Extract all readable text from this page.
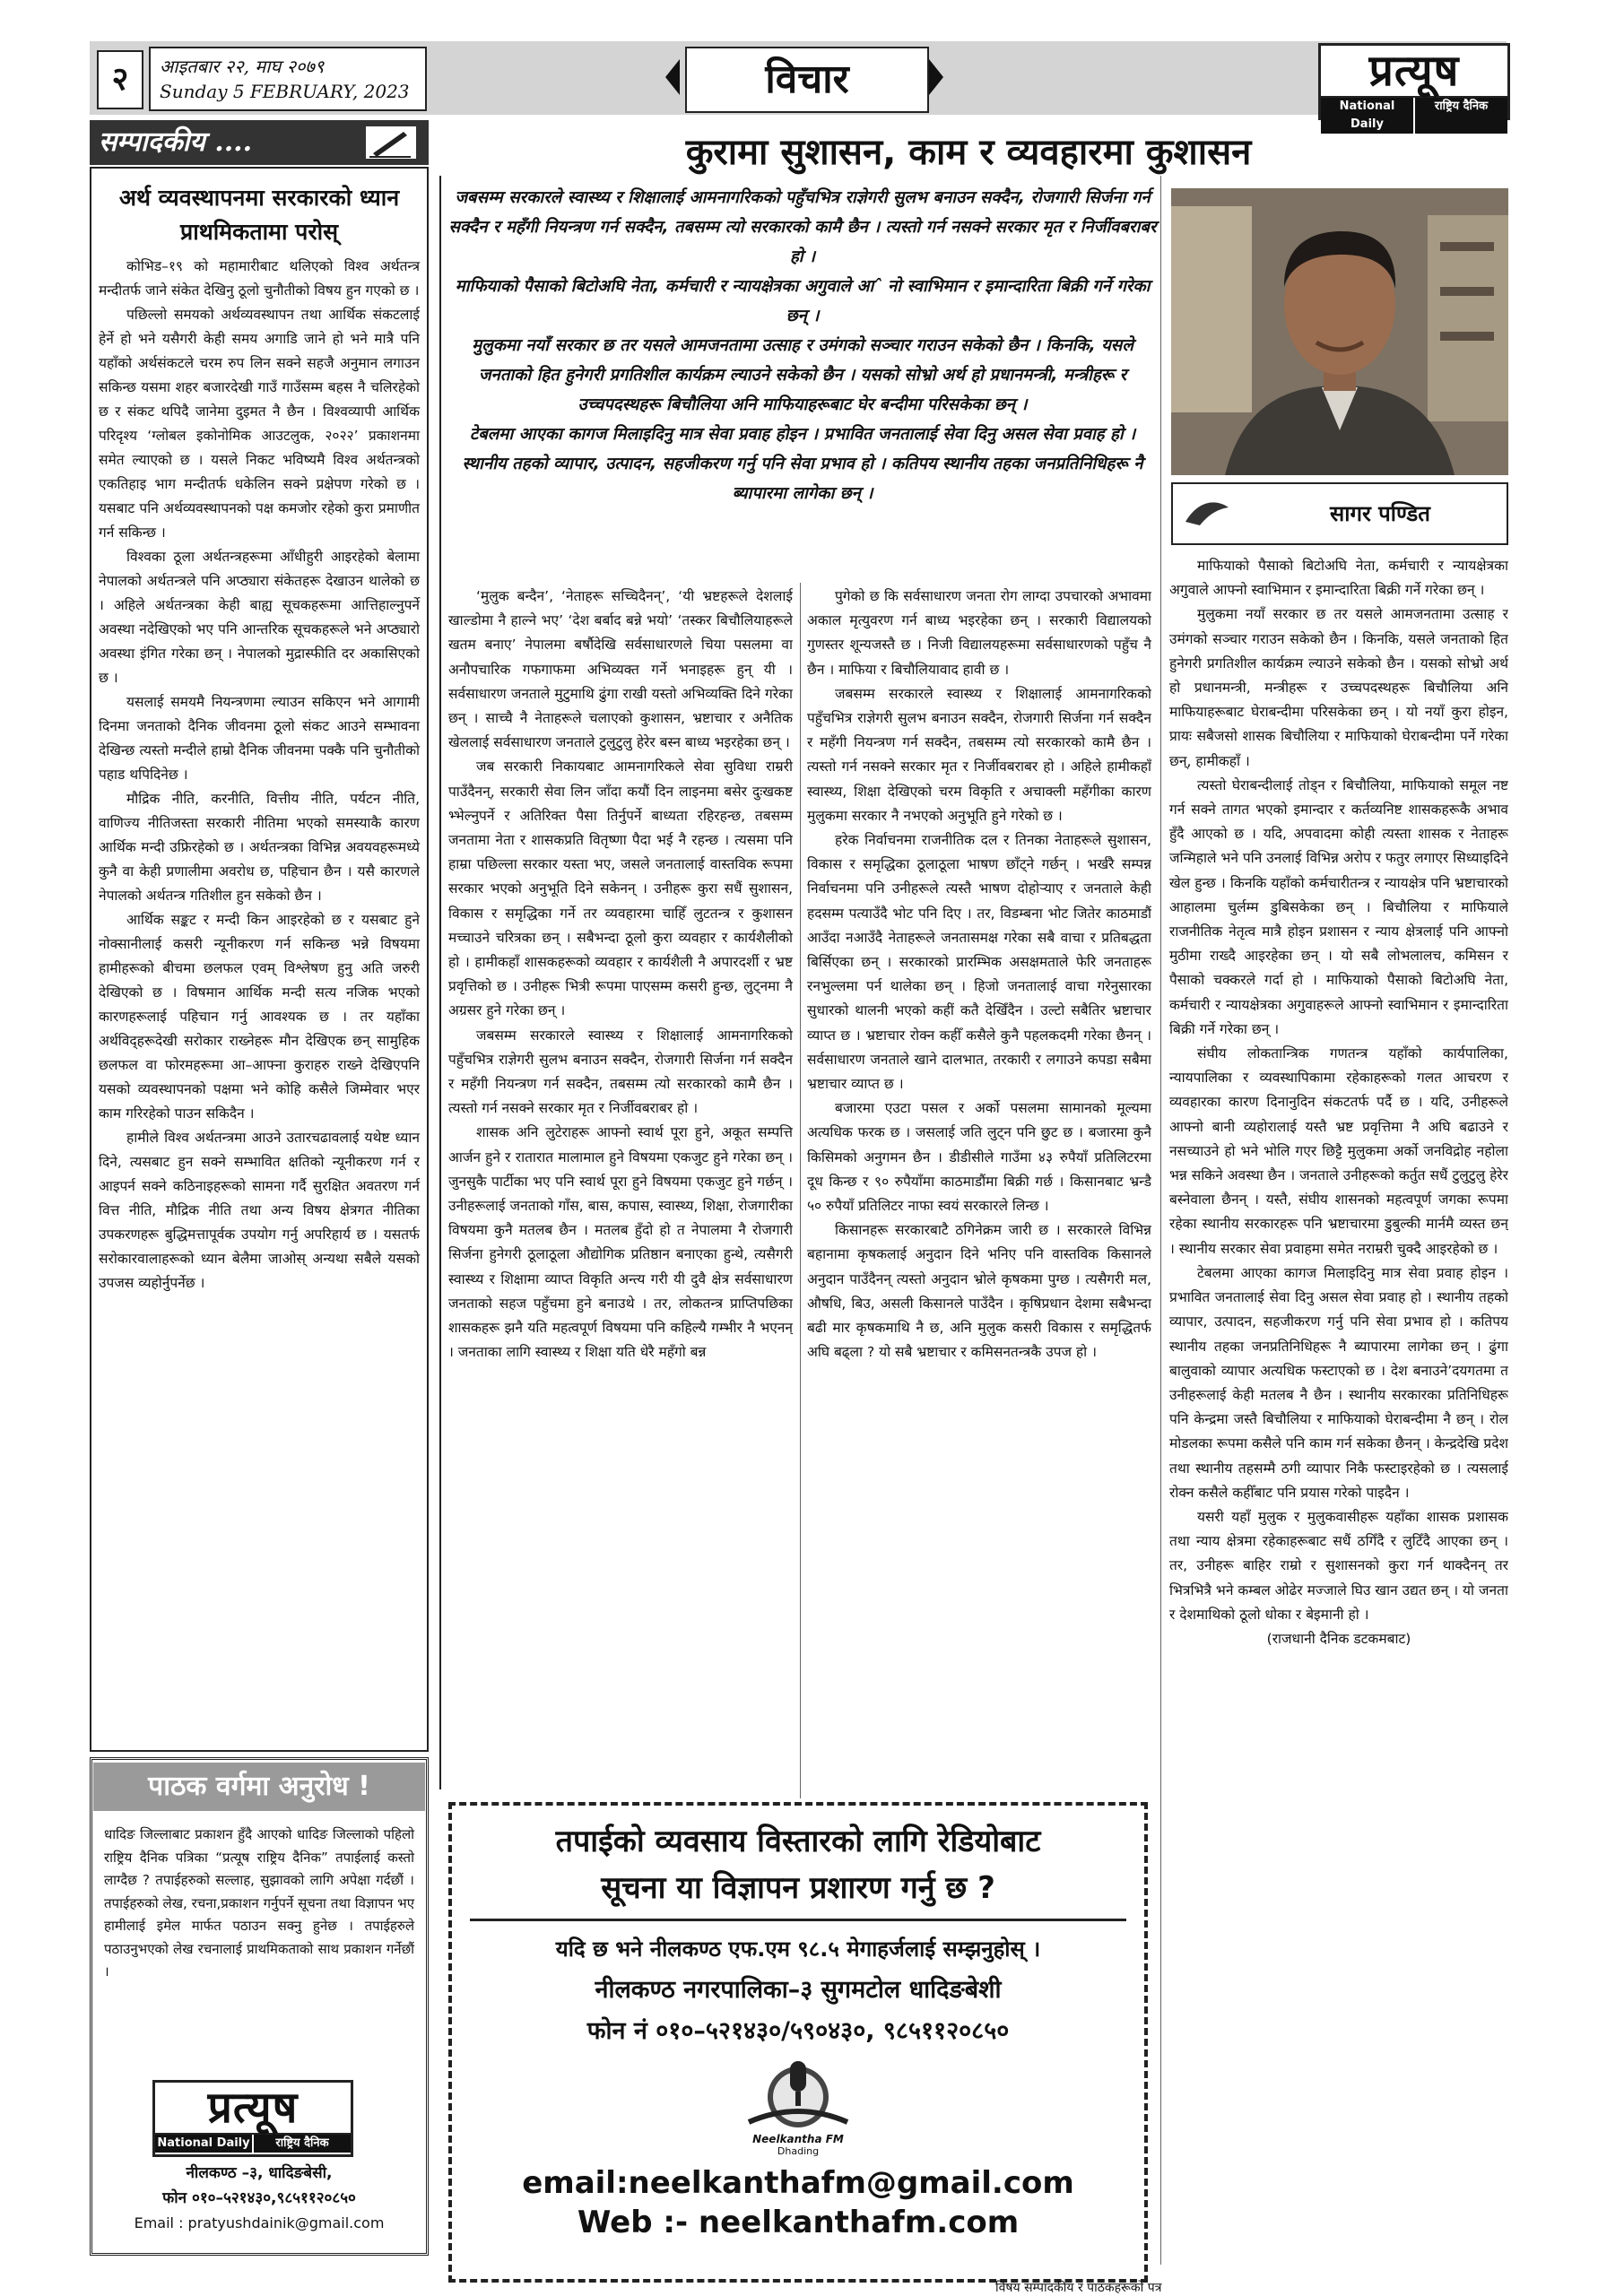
२	आइतबार २२, माघ २०७९
Sunday 5 FEBRUARY, 2023	विचार	प्रत्यूष
National Daily
राष्ट्रिय दैनिक
सम्पादकीय ....
अर्थ व्यवस्थापनमा सरकारको ध्यान प्राथमिकतामा परोस्

कोभिड–१९ को महामारीबाट थलिएको विश्व अर्थतन्त्र मन्दीतर्फ जाने संकेत देखिनु ठूलो चुनौतीको विषय हुन गएको छ ।

पछिल्लो समयको अर्थव्यवस्थापन तथा आर्थिक संकटलाई हेर्ने हो भने यसैगरी केही समय अगाडि जाने हो भने मात्रै पनि यहाँको अर्थसंकटले चरम रुप लिन सक्ने सहजै अनुमान लगाउन सकिन्छ यसमा शहर बजारदेखी गाउँ गाउँसम्म बहस नै चलिरहेको छ र संकट थपिदै जानेमा दुइमत नै छैन । विश्वव्यापी आर्थिक परिदृश्य ‘ग्लोबल इकोनोमिक आउटलुक, २०२२’ प्रकाशनमा समेत ल्याएको छ । यसले निकट भविष्यमै विश्व अर्थतन्त्रको एकतिहाइ भाग मन्दीतर्फ धकेलिन सक्ने प्रक्षेपण गरेको छ । यसबाट पनि अर्थव्यवस्थापनको पक्ष कमजोर रहेको कुरा प्रमाणीत गर्न सकिन्छ ।

विश्वका ठूला अर्थतन्त्रहरूमा आँधीहुरी आइरहेको बेलामा नेपालको अर्थतन्त्रले पनि अप्ठ्यारा संकेतहरू देखाउन थालेको छ । अहिले अर्थतन्त्रका केही बाह्य सूचकहरूमा आत्तिहाल्नुपर्ने अवस्था नदेखिएको भए पनि आन्तरिक सूचकहरूले भने अप्ठ्यारो अवस्था इंगित गरेका छन् । नेपालको मुद्रास्फीति दर अकासिएको छ ।

यसलाई समयमै नियन्त्रणमा ल्याउन सकिएन भने आगामी दिनमा जनताको दैनिक जीवनमा ठूलो संकट आउने सम्भावना देखिन्छ त्यस्तो मन्दीले हाम्रो दैनिक जीवनमा पक्कै पनि चुनौतीको पहाड थपिदिनेछ ।

मौद्रिक नीति, करनीति, वित्तीय नीति, पर्यटन नीति, वाणिज्य नीतिजस्ता सरकारी नीतिमा भएको समस्याकै कारण आर्थिक मन्दी उफ्रिरहेको छ । अर्थतन्त्रका विभिन्न अवयवहरूमध्ये कुनै वा केही प्रणालीमा अवरोध छ, पहिचान छैन । यसै कारणले नेपालको अर्थतन्त्र गतिशील हुन सकेको छैन ।

आर्थिक सङ्कट र मन्दी किन आइरहेको छ र यसबाट हुने नोक्सानीलाई कसरी न्यूनीकरण गर्न सकिन्छ भन्ने विषयमा हामीहरूको बीचमा छलफल एवम् विश्लेषण हुनु अति जरुरी देखिएको छ । विषमान आर्थिक मन्दी सत्य नजिक भएको कारणहरूलाई पहिचान गर्नु आवश्यक छ । तर यहाँका अर्थविद्हरूदेखी सरोकार राख्नेहरू मौन देखिएक छन् सामुहिक छलफल वा फोरमहरूमा आ–आफ्ना कुराहरु राख्ने देखिएपनि यसको व्यवस्थापनको पक्षमा भने कोहि कसैले जिम्मेवार भएर काम गरिरहेको पाउन सकिदैन ।

हामीले विश्व अर्थतन्त्रमा आउने उतारचढावलाई यथेष्ट ध्यान दिने, त्यसबाट हुन सक्ने सम्भावित क्षतिको न्यूनीकरण गर्न र आइपर्न सक्ने कठिनाइहरूको सामना गर्दै सुरक्षित अवतरण गर्न वित्त नीति, मौद्रिक नीति तथा अन्य विषय क्षेत्रगत नीतिका उपकरणहरू बुद्धिमत्तापूर्वक उपयोग गर्नु अपरिहार्य छ । यसतर्फ सरोकारवालाहरूको ध्यान बेलैमा जाओस् अन्यथा सबैले यसको उपजस व्यहोर्नुपर्नेछ ।

कुरामा सुशासन, काम र व्यवहारमा कुशासन

जबसम्म सरकारले स्वास्थ्य र शिक्षालाई आमनागरिकको पहुँचभित्र राज्ञेगरी सुलभ बनाउन सक्दैन, रोजगारी सिर्जना गर्न सक्दैन र महँगी नियन्त्रण गर्न सक्दैन, तबसम्म त्यो सरकारको कामै छैन । त्यस्तो गर्न नसक्ने सरकार मृत र निर्जीवबराबर हो ।

माफियाको पैसाको बिटोअघि नेता, कर्मचारी र न्यायक्षेत्रका अगुवाले आˆ नो स्वाभिमान र इमान्दारिता बिक्री गर्ने गरेका छन् ।

मुलुकमा नयाँ सरकार छ तर यसले आमजनतामा उत्साह र उमंगको सञ्चार गराउन सकेको छैन । किनकि, यसले जनताको हित हुनेगरी प्रगतिशील कार्यक्रम ल्याउने सकेको छैन । यसको सोभ्रो अर्थ हो प्रधानमन्त्री, मन्त्रीहरू र उच्चपदस्थहरू बिचौलिया अनि माफियाहरूबाट घेर बन्दीमा परिसकेका छन् ।

टेबलमा आएका कागज मिलाइदिनु मात्र सेवा प्रवाह होइन । प्रभावित जनतालाई सेवा दिनु असल सेवा प्रवाह हो । स्थानीय तहको व्यापार, उत्पादन, सहजीकरण गर्नु पनि सेवा प्रभाव हो । कतिपय स्थानीय तहका जनप्रतिनिधिहरू नै ब्यापारमा लागेका छन् ।

सागर पण्डित

‘मुलुक बन्दैन’, ‘नेताहरू सच्चिदैनन्’, ‘यी भ्रष्टहरूले देशलाई खाल्डोमा नै हाल्ने भए’ ‘देश बर्बाद बन्ने भयो’ ‘तस्कर बिचौलियाहरूले खतम बनाए’ नेपालमा बर्षौदेखि सर्वसाधारणले चिया पसलमा वा अनौपचारिक गफगाफमा अभिव्यक्त गर्ने भनाइहरू हुन् यी । सर्वसाधारण जनताले मुटुमाथि ढुंगा राखी यस्तो अभिव्यक्ति दिने गरेका छन् । साच्चै नै नेताहरूले चलाएको कुशासन, भ्रष्टाचार र अनैतिक खेललाई सर्वसाधारण जनताले टुलुटुलु हेरेर बस्न बाध्य भइरहेका छन् ।

जब सरकारी निकायबाट आमनागरिकले सेवा सुविधा राम्ररी पाउँदैनन्, सरकारी सेवा लिन जाँदा कयौं दिन लाइनमा बसेर दुःखकष्ट भ्भेल्नुपर्ने र अतिरिक्त पैसा तिर्नुपर्ने बाध्यता रहिरहन्छ, तबसम्म जनतामा नेता र शासकप्रति वितृष्णा पैदा भई नै रहन्छ । त्यसमा पनि हाम्रा पछिल्ला सरकार यस्ता भए, जसले जनतालाई वास्तविक रूपमा सरकार भएको अनुभूति दिने सकेनन् । उनीहरू कुरा सधैं सुशासन, विकास र समृद्धिका गर्ने तर व्यवहारमा चाहिँ लुटतन्त्र र कुशासन मच्चाउने चरित्रका छन् । सबैभन्दा ठूलो कुरा व्यवहार र कार्यशैलीको हो । हामीकहाँ शासकहरूको व्यवहार र कार्यशैली नै अपारदर्शी र भ्रष्ट प्रवृत्तिको छ । उनीहरू भित्री रूपमा पाएसम्म कसरी हुन्छ, लुट्नमा नै अग्रसर हुने गरेका छन् ।

जबसम्म सरकारले स्वास्थ्य र शिक्षालाई आमनागरिकको पहुँचभित्र राज्ञेगरी सुलभ बनाउन सक्दैन, रोजगारी सिर्जना गर्न सक्दैन र महँगी नियन्त्रण गर्न सक्दैन, तबसम्म त्यो सरकारको कामै छैन । त्यस्तो गर्न नसक्ने सरकार मृत र निर्जीवबराबर हो ।

शासक अनि लुटेराहरू आफ्नो स्वार्थ पूरा हुने, अकूत सम्पत्ति आर्जन हुने र रातारात मालामाल हुने विषयमा एकजुट हुने गरेका छन् । जुनसुकै पार्टीका भए पनि स्वार्थ पूरा हुने विषयमा एकजुट हुने गर्छन् । उनीहरूलाई जनताको गाँस, बास, कपास, स्वास्थ्य, शिक्षा, रोजगारीका विषयमा कुनै मतलब छैन । मतलब हुँदो हो त नेपालमा नै रोजगारी सिर्जना हुनेगरी ठूलाठूला औद्योगिक प्रतिष्ठान बनाएका हुन्थे, त्यसैगरी स्वास्थ्य र शिक्षामा व्याप्त विकृति अन्त्य गरी यी दुवै क्षेत्र सर्वसाधारण जनताको सहज पहुँचमा हुने बनाउथे । तर, लोकतन्त्र प्राप्तिपछिका शासकहरू झनै यति महत्वपूर्ण विषयमा पनि कहिल्यै गम्भीर नै भएनन् । जनताका लागि स्वास्थ्य र शिक्षा यति धेरै महँगो बन्न

पुगेको छ कि सर्वसाधारण जनता रोग लाग्दा उपचारको अभावमा अकाल मृत्युवरण गर्न बाध्य भइरहेका छन् । सरकारी विद्यालयको गुणस्तर शून्यजस्तै छ । निजी विद्यालयहरूमा सर्वसाधारणको पहुँच नै छैन । माफिया र बिचौलियावाद हावी छ ।

जबसम्म सरकारले स्वास्थ्य र शिक्षालाई आमनागरिकको पहुँचभित्र राज्ञेगरी सुलभ बनाउन सक्दैन, रोजगारी सिर्जना गर्न सक्दैन र महँगी नियन्त्रण गर्न सक्दैन, तबसम्म त्यो सरकारको कामै छैन । त्यस्तो गर्न नसक्ने सरकार मृत र निर्जीवबराबर हो । अहिले हामीकहाँ स्वास्थ्य, शिक्षा देखिएको चरम विकृति र अचाक्ली महँगीका कारण मुलुकमा सरकार नै नभएको अनुभूति हुने गरेको छ ।

हरेक निर्वाचनमा राजनीतिक दल र तिनका नेताहरूले सुशासन, विकास र समृद्धिका ठूलाठूला भाषण छाँट्ने गर्छन् । भर्खरै सम्पन्न निर्वाचनमा पनि उनीहरूले त्यस्तै भाषण दोहोऱ्याए र जनताले केही हदसम्म पत्याउँदै भोट पनि दिए । तर, विडम्बना भोट जितेर काठमाडौं आउँदा नआउँदै नेताहरूले जनतासमक्ष गरेका सबै वाचा र प्रतिबद्धता बिर्सिएका छन् । सरकारको प्रारम्भिक असक्षमताले फेरि जनताहरू रनभुल्लमा पर्न थालेका छन् । हिजो जनतालाई वाचा गरेनुसारका सुधारको थालनी भएको कहीं कतै देखिँदैन । उल्टो सबैतिर भ्रष्टाचार व्याप्त छ । भ्रष्टाचार रोक्न कहीँ कसैले कुनै पहलकदमी गरेका छैनन् । सर्वसाधारण जनताले खाने दालभात, तरकारी र लगाउने कपडा सबैमा भ्रष्टाचार व्याप्त छ ।

बजारमा एउटा पसल र अर्को पसलमा सामानको मूल्यमा अत्यधिक फरक छ । जसलाई जति लुट्न पनि छुट छ । बजारमा कुनै किसिमको अनुगमन छैन । डीडीसीले गाउँमा ४३ रुपैयाँ प्रतिलिटरमा दूध किन्छ र ९० रुपैयाँमा काठमाडौंमा बिक्री गर्छ । किसानबाट भ्रन्डै ५० रुपैयाँ प्रतिलिटर नाफा स्वयं सरकारले लिन्छ ।

किसानहरू सरकारबाटै ठगिनेक्रम जारी छ । सरकारले विभिन्न बहानामा कृषकलाई अनुदान दिने भनिए पनि वास्तविक किसानले अनुदान पाउँदैनन् त्यस्तो अनुदान भ्रोले कृषकमा पुग्छ । त्यसैगरी मल, औषधि, बिउ, असली किसानले पाउँदैन । कृषिप्रधान देशमा सबैभन्दा बढी मार कृषकमाथि नै छ, अनि मुलुक कसरी विकास र समृद्धितर्फ अघि बढ्ला ? यो सबै भ्रष्टाचार र कमिसनतन्त्रकै उपज हो ।

माफियाको पैसाको बिटोअघि नेता, कर्मचारी र न्यायक्षेत्रका अगुवाले आफ्नो स्वाभिमान र इमान्दारिता बिक्री गर्ने गरेका छन् ।

मुलुकमा नयाँ सरकार छ तर यसले आमजनतामा उत्साह र उमंगको सञ्चार गराउन सकेको छैन । किनकि, यसले जनताको हित हुनेगरी प्रगतिशील कार्यक्रम ल्याउने सकेको छैन । यसको सोभ्रो अर्थ हो प्रधानमन्त्री, मन्त्रीहरू र उच्चपदस्थहरू बिचौलिया अनि माफियाहरूबाट घेराबन्दीमा परिसकेका छन् । यो नयाँ कुरा होइन, प्रायः सबैजसो शासक बिचौलिया र माफियाको घेराबन्दीमा पर्ने गरेका छन्, हामीकहाँ ।

त्यस्तो घेराबन्दीलाई तोड्न र बिचौलिया, माफियाको समूल नष्ट गर्न सक्ने तागत भएको इमान्दार र कर्तव्यनिष्ट शासकहरूकै अभाव हुँदै आएको छ । यदि, अपवादमा कोही त्यस्ता शासक र नेताहरू जन्मिहाले भने पनि उनलाई विभिन्न अरोप र फतुर लगाएर सिध्याइदिने खेल हुन्छ । किनकि यहाँको कर्मचारीतन्त्र र न्यायक्षेत्र पनि भ्रष्टाचारको आहालमा चुर्लम्म डुबिसकेका छन् । बिचौलिया र माफियाले राजनीतिक नेतृत्व मात्रै होइन प्रशासन र न्याय क्षेत्रलाई पनि आफ्नो मुठीमा राख्दै आइरहेका छन् । यो सबै लोभलालच, कमिसन र पैसाको चक्करले गर्दा हो । माफियाको पैसाको बिटोअघि नेता, कर्मचारी र न्यायक्षेत्रका अगुवाहरूले आफ्नो स्वाभिमान र इमान्दारिता बिक्री गर्ने गरेका छन् ।

संघीय लोकतान्त्रिक गणतन्त्र यहाँको कार्यपालिका, न्यायपालिका र व्यवस्थापिकामा रहेकाहरूको गलत आचरण र व्यवहारका कारण दिनानुदिन संकटतर्फ पर्दै छ । यदि, उनीहरूले आफ्नो बानी व्यहोरालाई यस्तै भ्रष्ट प्रवृत्तिमा नै अघि बढाउने र नसच्याउने हो भने भोलि गएर छिट्टै मुलुकमा अर्को जनविद्रोह नहोला भन्न सकिने अवस्था छैन । जनताले उनीहरूको कर्तुत सधैं टुलुटुलु हेरेर बस्नेवाला छैनन् । यस्तै, संघीय शासनको महत्वपूर्ण जगका रूपमा रहेका स्थानीय सरकारहरू पनि भ्रष्टाचारमा डुबुल्की मार्नमै व्यस्त छन् । स्थानीय सरकार सेवा प्रवाहमा समेत नराम्ररी चुक्दै आइरहेको छ ।

टेबलमा आएका कागज मिलाइदिनु मात्र सेवा प्रवाह होइन । प्रभावित जनतालाई सेवा दिनु असल सेवा प्रवाह हो । स्थानीय तहको व्यापार, उत्पादन, सहजीकरण गर्नु पनि सेवा प्रभाव हो । कतिपय स्थानीय तहका जनप्रतिनिधिहरू नै ब्यापारमा लागेका छन् । ढुंगा बालुवाको व्यापार अत्यधिक फस्टाएको छ । देश बनाउने’दयगतमा त उनीहरूलाई केही मतलब नै छैन । स्थानीय सरकारका प्रतिनिधिहरू पनि केन्द्रमा जस्तै बिचौलिया र माफियाको घेराबन्दीमा नै छन् । रोल मोडलका रूपमा कसैले पनि काम गर्न सकेका छैनन् । केन्द्रदेखि प्रदेश तथा स्थानीय तहसम्मै ठगी व्यापार निकै फस्टाइरहेको छ । त्यसलाई रोक्न कसैले कहीँबाट पनि प्रयास गरेको पाइदैन ।

यसरी यहाँ मुलुक र मुलुकवासीहरू यहाँका शासक प्रशासक तथा न्याय क्षेत्रमा रहेकाहरूबाट सधैं ठगिँदै र लुटिँदै आएका छन् । तर, उनीहरू बाहिर राम्रो र सुशासनको कुरा गर्न थाक्दैनन् तर भित्रभित्रै भने कम्बल ओढेर मज्जाले घिउ खान उद्यत छन् । यो जनता र देशमाथिको ठूलो धोका र बेइमानी हो ।

(राजधानी दैनिक डटकमबाट)

पाठक वर्गमा अनुरोध !
धादिङ जिल्लाबाट प्रकाशन हुँदै आएको धादिङ जिल्लाको पहिलो राष्ट्रिय दैनिक पत्रिका “प्रत्यूष राष्ट्रिय दैनिक” तपाईलाई कस्तो लाग्दैछ ? तपाईहरुको सल्लाह, सुझावको लागि अपेक्षा गर्दछौं । तपाईहरुको लेख, रचना,प्रकाशन गर्नुपर्ने सूचना तथा विज्ञापन भए हामीलाई इमेल मार्फत पठाउन सक्नु हुनेछ । तपाईहरुले पठाउनुभएको लेख रचनालाई प्राथमिकताको साथ प्रकाशन गर्नेछौं ।
प्रत्यूष
National Daily	राष्ट्रिय दैनिक
नीलकण्ठ –३, धादिङबेसी,
फोन ०१०–५२१४३०,९८५११२०८५०
Email : pratyushdainik@gmail.com
तपाईको व्यवसाय विस्तारको लागि रेडियोबाट
सूचना या विज्ञापन प्रशारण गर्नु छ ?
यदि छ भने नीलकण्ठ एफ.एम ९८.५ मेगाहर्जलाई सम्झनुहोस् ।
नीलकण्ठ नगरपालिका–३ सुगमटोल धादिङबेशी
फोन नं ०१०–५२१४३०/५९०४३०, ९८५११२०८५०
Neelkantha FM
Dhading
email:neelkanthafm@gmail.com
Web :- neelkanthafm.com
विषय सम्पादकीय र पाठकहरूको पत्र
